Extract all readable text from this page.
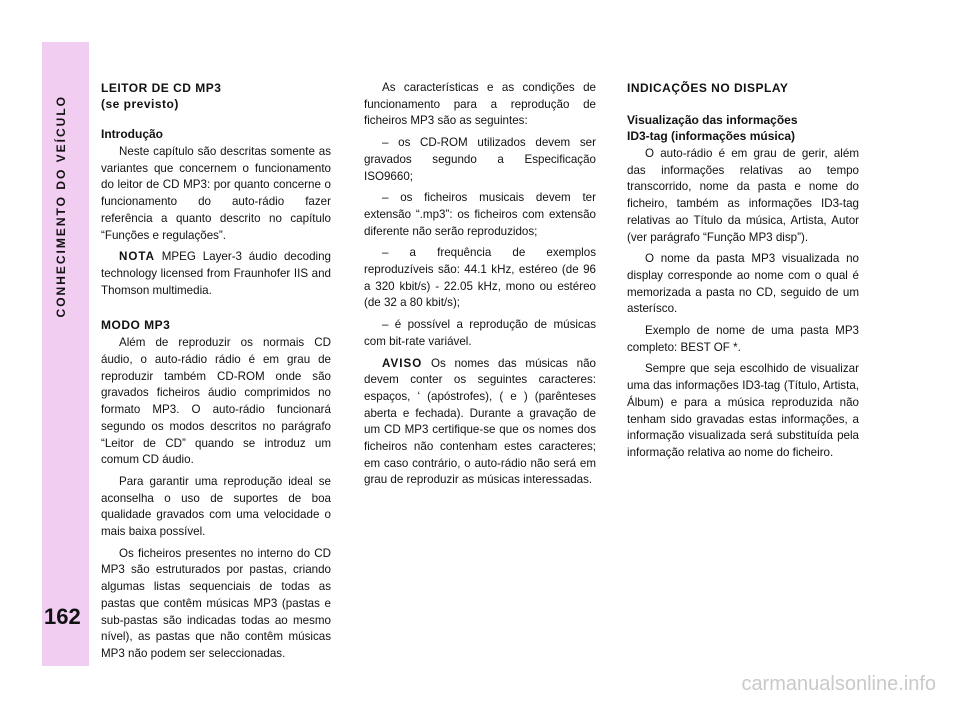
CONHECIMENTO DO VEÍCULO
162
LEITOR DE CD MP3
(se previsto)
Introdução

Neste capítulo são descritas somente as variantes que concernem o funcionamento do leitor de CD MP3: por quanto concerne o funcionamento do auto-rádio fazer referência a quanto descrito no capítulo “Funções e regulações”.

NOTA MPEG Layer-3 áudio decoding technology licensed from Fraunhofer IIS and Thomson multimedia.

MODO MP3

Além de reproduzir os normais CD áudio, o auto-rádio rádio é em grau de reproduzir também CD-ROM onde são gravados ficheiros áudio comprimidos no formato MP3. O auto-rádio funcionará segundo os modos descritos no parágrafo “Leitor de CD” quando se introduz um comum CD áudio.

Para garantir uma reprodução ideal se aconselha o uso de suportes de boa qualidade gravados com uma velocidade o mais baixa possível.

Os ficheiros presentes no interno do CD MP3 são estruturados por pastas, criando algumas listas sequenciais de todas as pastas que contêm músicas MP3 (pastas e sub-pastas são indicadas todas ao mesmo nível), as pastas que não contêm músicas MP3 não podem ser seleccionadas.

As características e as condições de funcionamento para a reprodução de ficheiros MP3 são as seguintes:

– os CD-ROM utilizados devem ser gravados segundo a Especificação ISO9660;

– os ficheiros musicais devem ter extensão “.mp3”: os ficheiros com extensão diferente não serão reproduzidos;

– a frequência de exemplos reproduzíveis são: 44.1 kHz, estéreo (de 96 a 320 kbit/s) - 22.05 kHz, mono ou estéreo (de 32 a 80 kbit/s);

– é possível a reprodução de músicas com bit-rate variável.

AVISO Os nomes das músicas não devem conter os seguintes caracteres: espaços, ‘ (apóstrofes), ( e ) (parênteses aberta e fechada). Durante a gravação de um CD MP3 certifique-se que os nomes dos ficheiros não contenham estes caracteres; em caso contrário, o auto-rádio não será em grau de reproduzir as músicas interessadas.

INDICAÇÕES NO DISPLAY
Visualização das informações
ID3-tag (informações música)

O auto-rádio é em grau de gerir, além das informações relativas ao tempo transcorrido, nome da pasta e nome do ficheiro, também as informações ID3-tag relativas ao Título da música, Artista, Autor (ver parágrafo “Função MP3 disp”).

O nome da pasta MP3 visualizada no display corresponde ao nome com o qual é memorizada a pasta no CD, seguido de um asterísco.

Exemplo de nome de uma pasta MP3 completo: BEST OF *.

Sempre que seja escolhido de visualizar uma das informações ID3-tag (Título, Artista, Álbum) e para a música reproduzida não tenham sido gravadas estas informações, a informação visualizada será substituída pela informação relativa ao nome do ficheiro.

carmanualsonline.info
